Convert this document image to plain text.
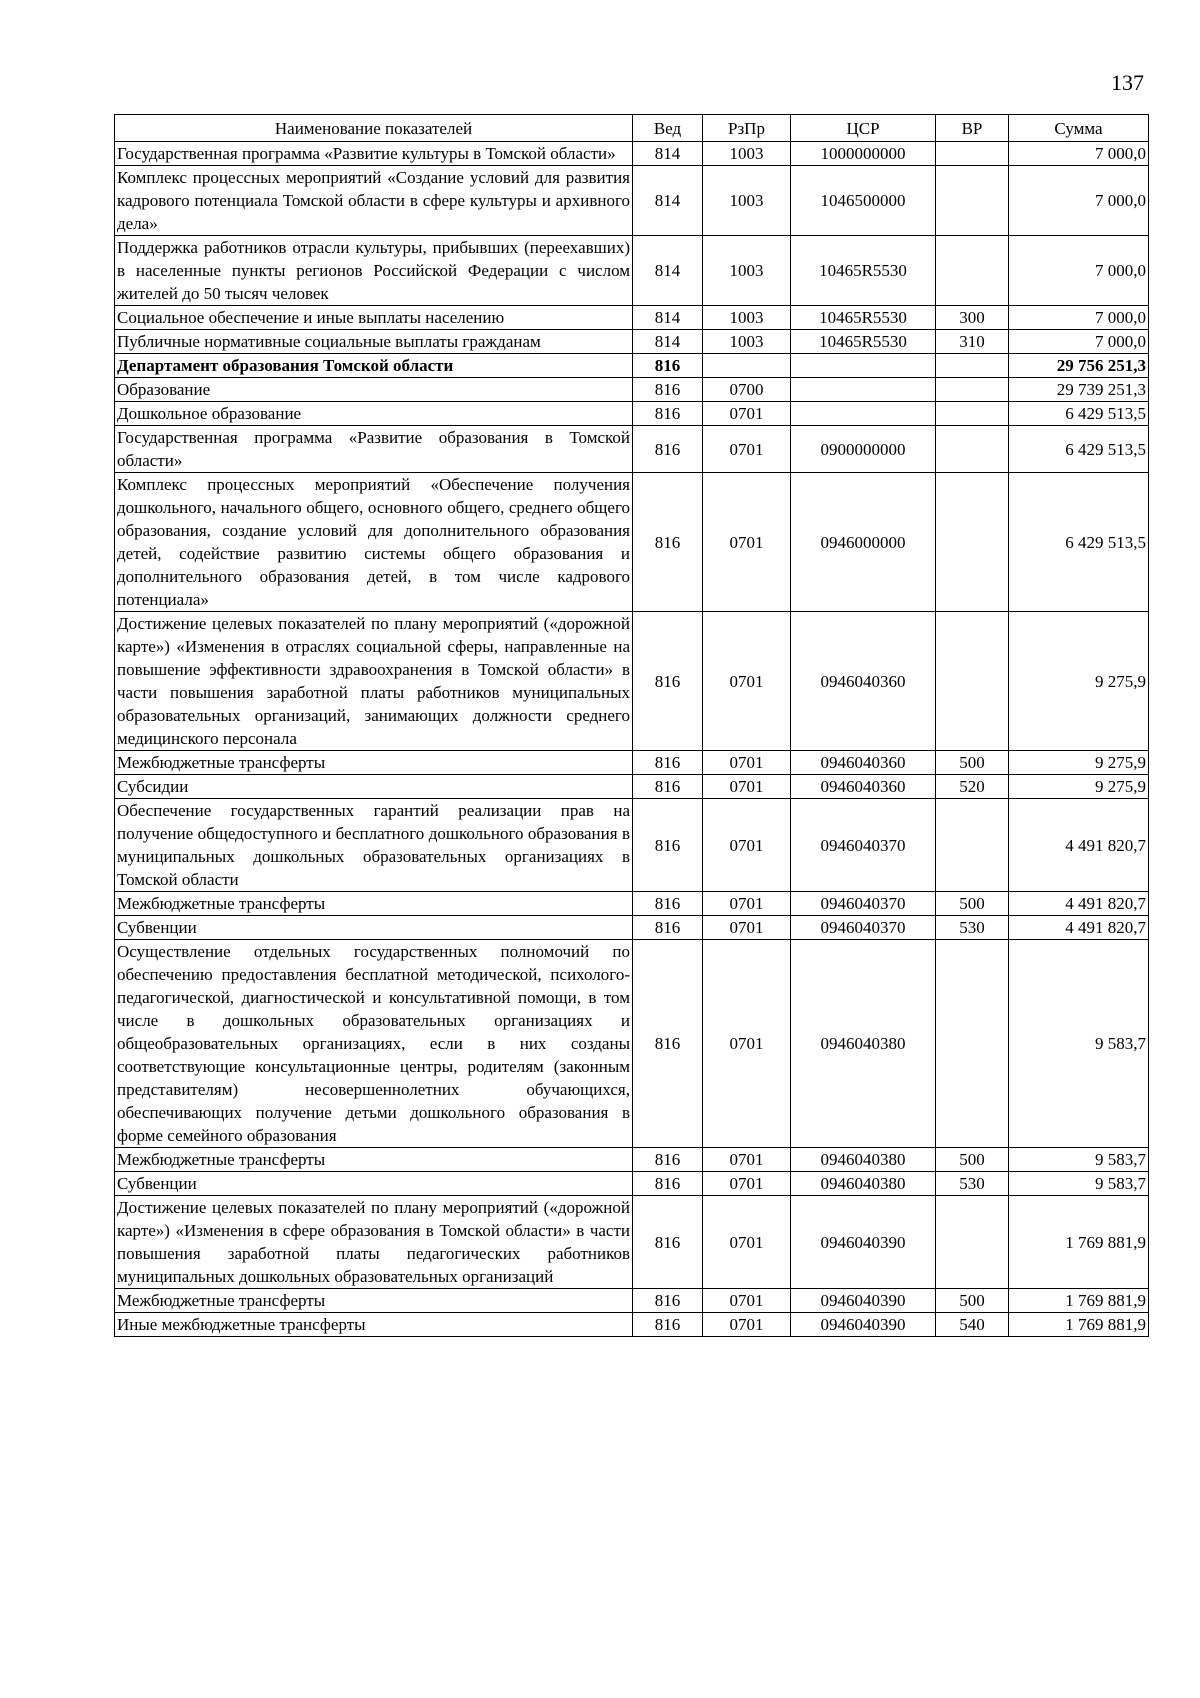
137
Наименование показателей	Вед	РзПр	ЦСР	ВР	Сумма
Государственная программа «Развитие культуры в Томской области»	814	1003	1000000000		7 000,0
Комплекс процессных мероприятий «Создание условий для развития кадрового потенциала Томской области в сфере культуры и архивного дела»	814	1003	1046500000		7 000,0
Поддержка работников отрасли культуры, прибывших (переехавших) в населенные пункты регионов Российской Федерации с числом жителей до 50 тысяч человек	814	1003	10465R5530		7 000,0
Социальное обеспечение и иные выплаты населению	814	1003	10465R5530	300	7 000,0
Публичные нормативные социальные выплаты гражданам	814	1003	10465R5530	310	7 000,0
Департамент образования Томской области	816				29 756 251,3
Образование	816	0700			29 739 251,3
Дошкольное образование	816	0701			6 429 513,5
Государственная программа «Развитие образования в Томской области»	816	0701	0900000000		6 429 513,5
Комплекс процессных мероприятий «Обеспечение получения дошкольного, начального общего, основного общего, среднего общего образования, создание условий для дополнительного образования детей, содействие развитию системы общего образования и дополнительного образования детей, в том числе кадрового потенциала»	816	0701	0946000000		6 429 513,5
Достижение целевых показателей по плану мероприятий («дорожной карте») «Изменения в отраслях социальной сферы, направленные на повышение эффективности здравоохранения в Томской области» в части повышения заработной платы работников муниципальных образовательных организаций, занимающих должности среднего медицинского персонала	816	0701	0946040360		9 275,9
Межбюджетные трансферты	816	0701	0946040360	500	9 275,9
Субсидии	816	0701	0946040360	520	9 275,9
Обеспечение государственных гарантий реализации прав на получение общедоступного и бесплатного дошкольного образования в муниципальных дошкольных образовательных организациях в Томской области	816	0701	0946040370		4 491 820,7
Межбюджетные трансферты	816	0701	0946040370	500	4 491 820,7
Субвенции	816	0701	0946040370	530	4 491 820,7
Осуществление отдельных государственных полномочий по обеспечению предоставления бесплатной методической, психолого-педагогической, диагностической и консультативной помощи, в том числе в дошкольных образовательных организациях и общеобразовательных организациях, если в них созданы соответствующие консультационные центры, родителям (законным представителям) несовершеннолетних обучающихся, обеспечивающих получение детьми дошкольного образования в форме семейного образования	816	0701	0946040380		9 583,7
Межбюджетные трансферты	816	0701	0946040380	500	9 583,7
Субвенции	816	0701	0946040380	530	9 583,7
Достижение целевых показателей по плану мероприятий («дорожной карте») «Изменения в сфере образования в Томской области» в части повышения заработной платы педагогических работников муниципальных дошкольных образовательных организаций	816	0701	0946040390		1 769 881,9
Межбюджетные трансферты	816	0701	0946040390	500	1 769 881,9
Иные межбюджетные трансферты	816	0701	0946040390	540	1 769 881,9
